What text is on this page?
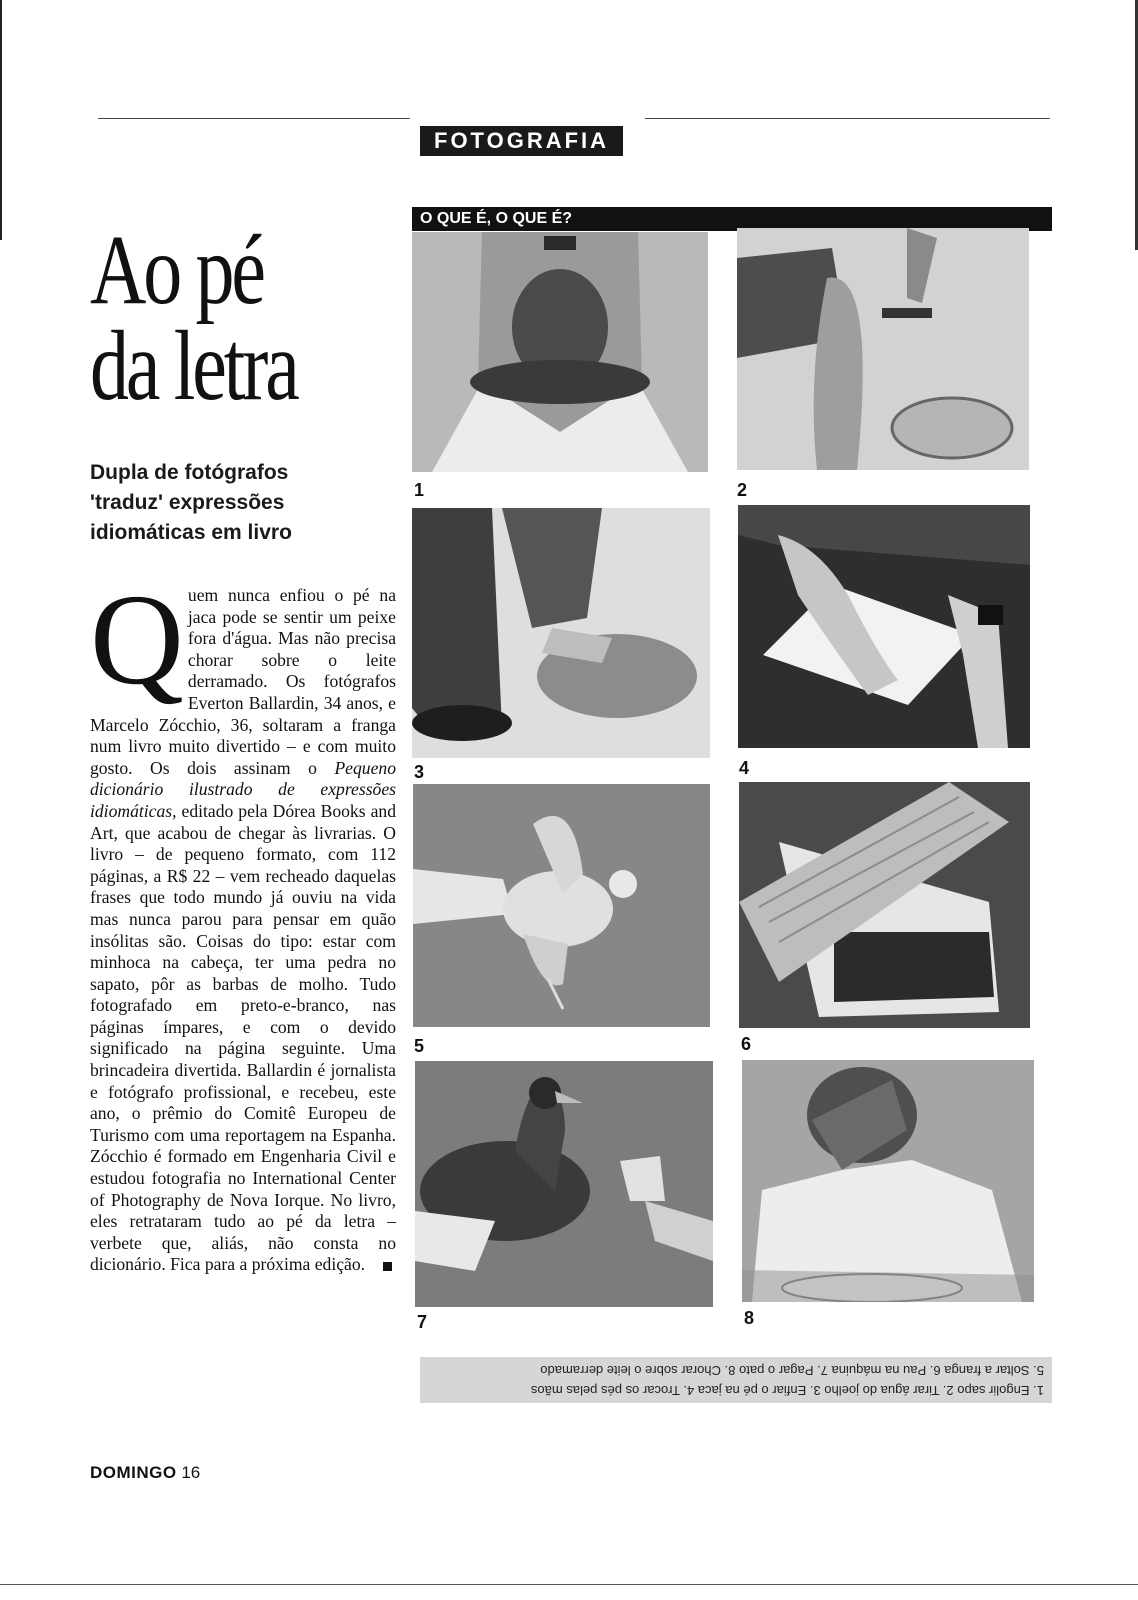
FOTOGRAFIA
Ao pé
da letra
Dupla de fotógrafos
'traduz' expressões
idiomáticas em livro
Quem nunca enfiou o pé na jaca pode se sentir um peixe fora d'água. Mas não precisa chorar sobre o leite derramado. Os fotógrafos Everton Ballardin, 34 anos, e Marcelo Zócchio, 36, soltaram a franga num livro muito divertido – e com muito gosto. Os dois assinam o Pequeno dicionário ilustrado de expressões idiomáticas, editado pela Dórea Books and Art, que acabou de chegar às livrarias. O livro – de pequeno formato, com 112 páginas, a R$ 22 – vem recheado daquelas frases que todo mundo já ouviu na vida mas nunca parou para pensar em quão insólitas são. Coisas do tipo: estar com minhoca na cabeça, ter uma pedra no sapato, pôr as barbas de molho. Tudo fotografado em preto-e-branco, nas páginas ímpares, e com o devido significado na página seguinte. Uma brincadeira divertida. Ballardin é jornalista e fotógrafo profissional, e recebeu, este ano, o prêmio do Comitê Europeu de Turismo com uma reportagem na Espanha. Zócchio é formado em Engenharia Civil e estudou fotografia no International Center of Photography de Nova Iorque. No livro, eles retrataram tudo ao pé da letra – verbete que, aliás, não consta no dicionário. Fica para a próxima edição.
O QUE É, O QUE É?
1	2
3	4
5	6
7	8
1. Engolir sapo 2. Tirar água do joelho 3. Enfiar o pé na jaca 4. Trocar os pés pelas mãos
5. Soltar a franga 6. Pau na máquina 7. Pagar o pato 8. Chorar sobre o leite derramado
DOMINGO 16
